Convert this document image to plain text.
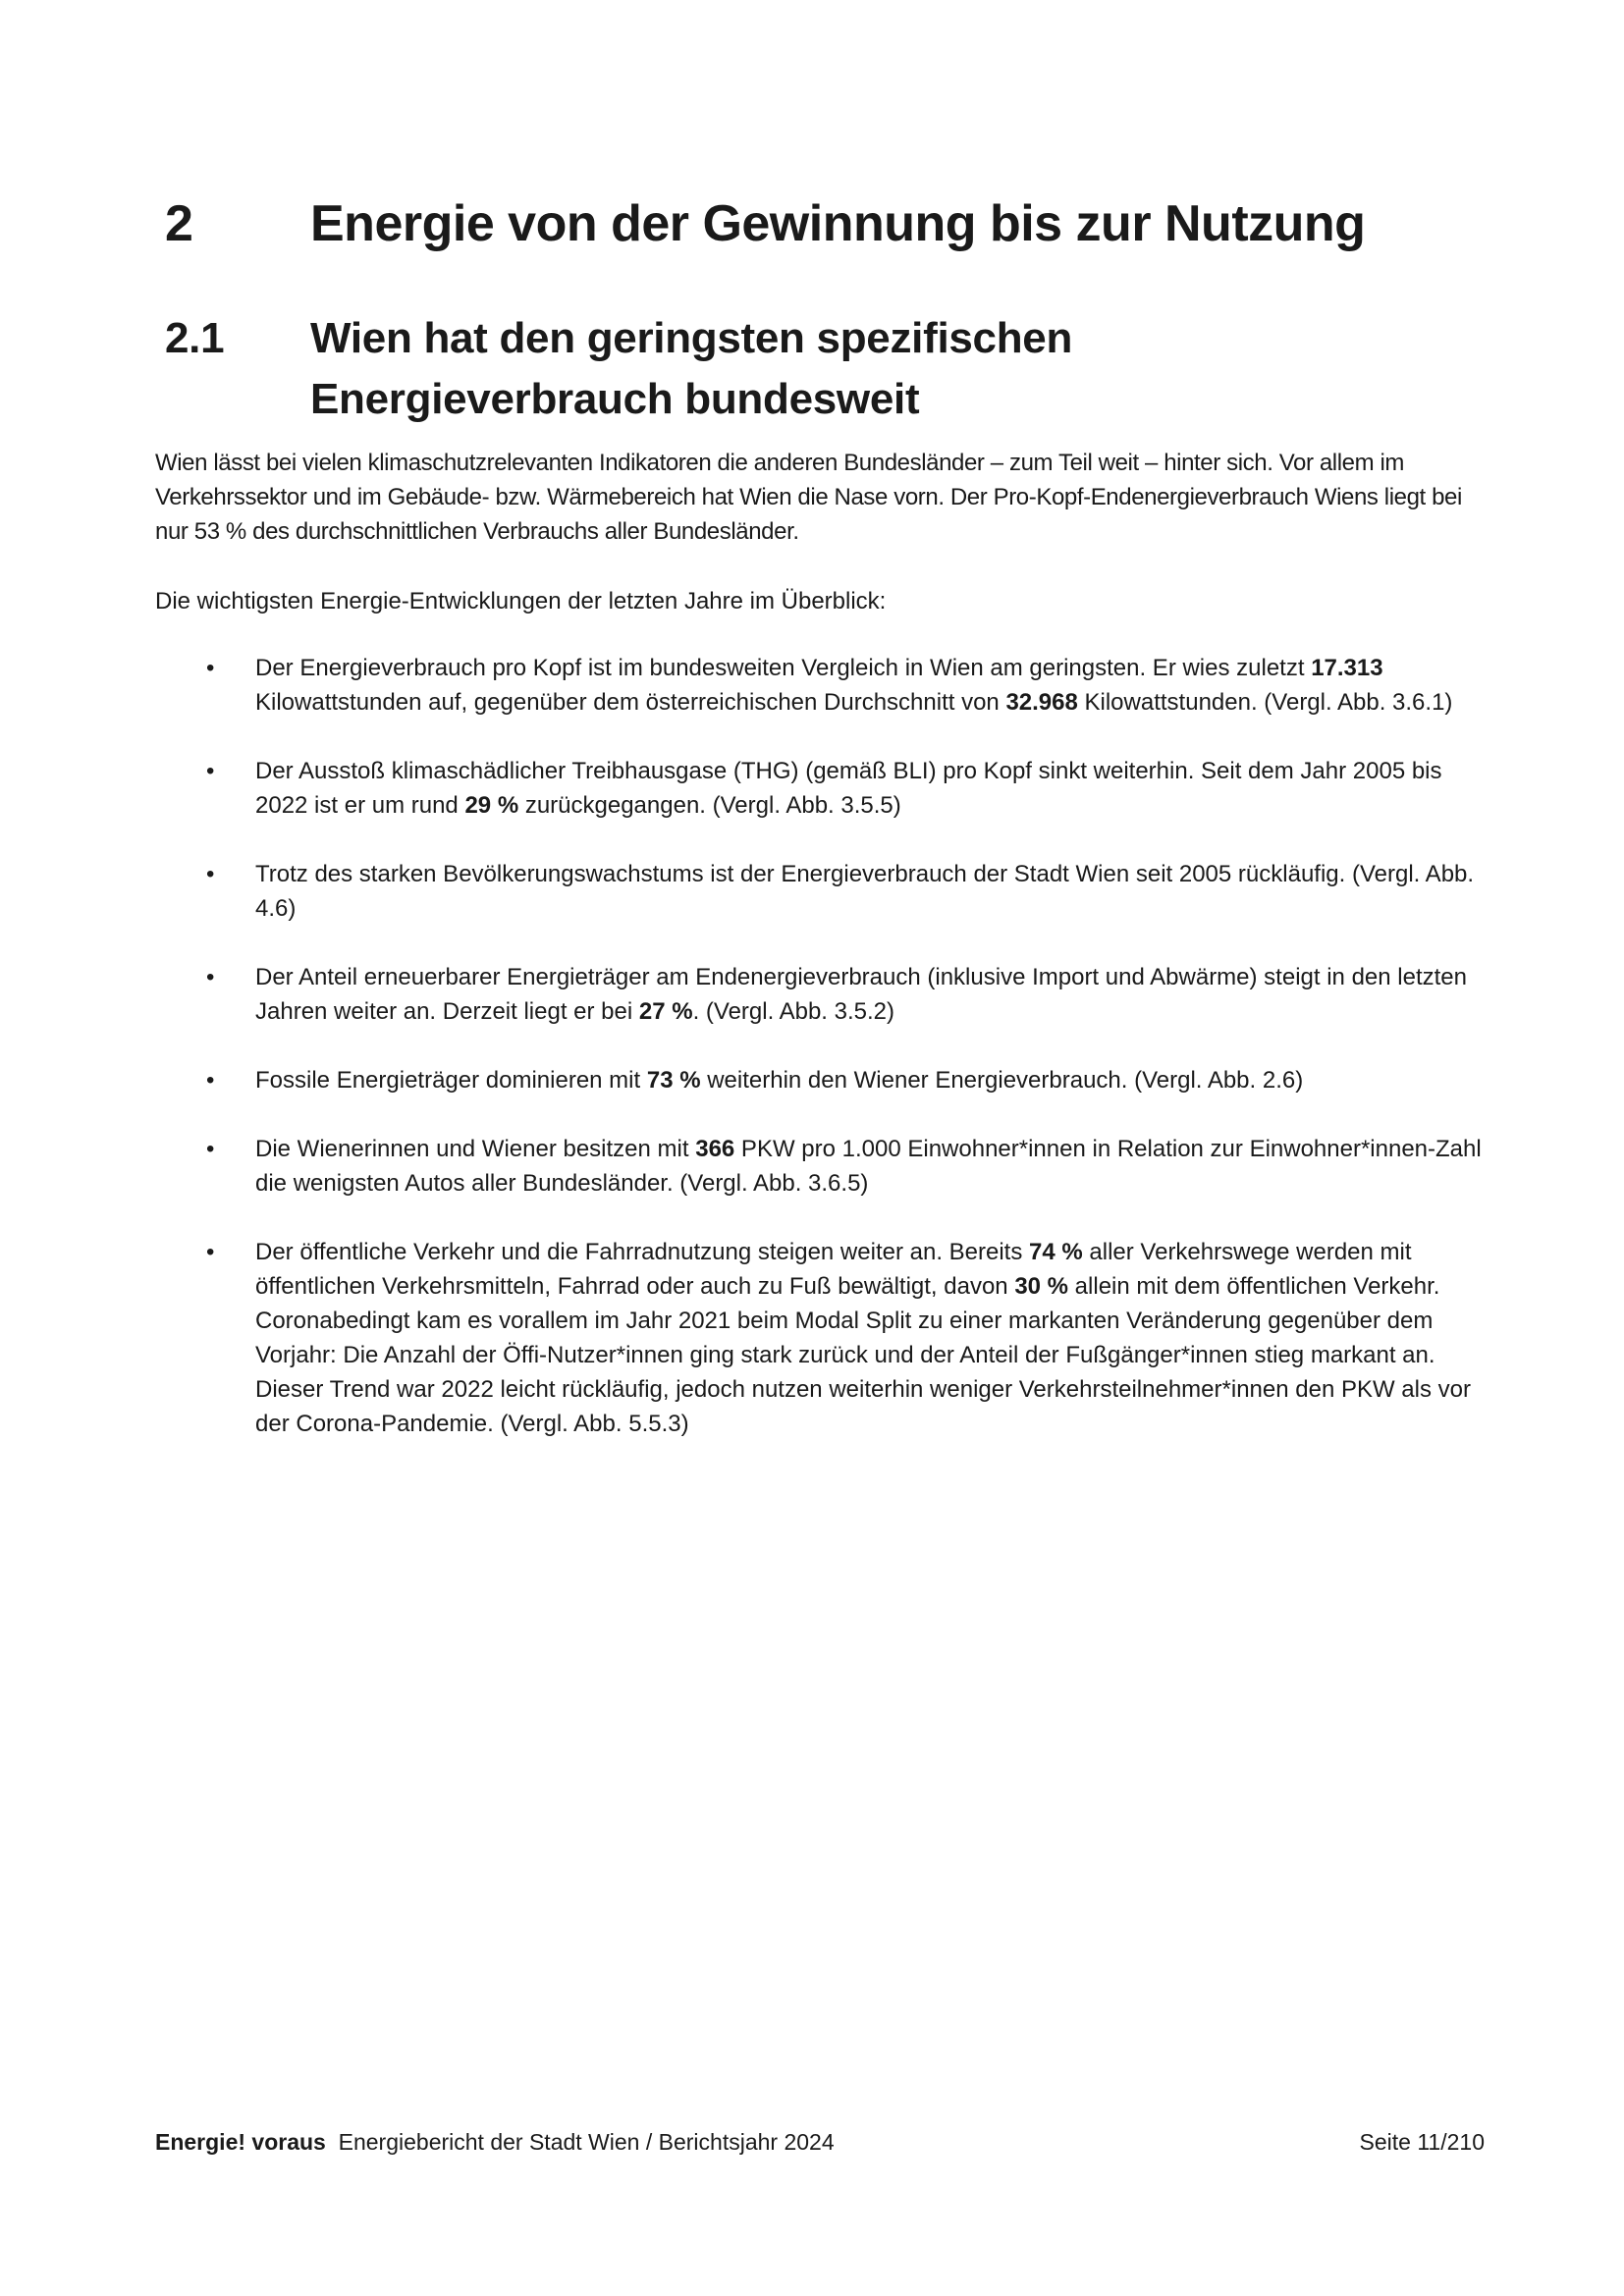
2 Energie von der Gewinnung bis zur Nutzung
2.1 Wien hat den geringsten spezifischen
Energieverbrauch bundesweit

Wien lässt bei vielen klimaschutzrelevanten Indikatoren die anderen Bundesländer – zum Teil weit – hinter sich. Vor allem im Verkehrssektor und im Gebäude- bzw. Wärmebereich hat Wien die Nase vorn. Der Pro-Kopf-Endenergieverbrauch Wiens liegt bei nur 53 % des durchschnittlichen Verbrauchs aller Bundesländer.

Die wichtigsten Energie-Entwicklungen der letzten Jahre im Überblick:

• Der Energieverbrauch pro Kopf ist im bundesweiten Vergleich in Wien am geringsten. Er wies zuletzt 17.313 Kilowattstunden auf, gegenüber dem österreichischen Durchschnitt von 32.968 Kilowattstunden. (Vergl. Abb. 3.6.1)
• Der Ausstoß klimaschädlicher Treibhausgase (THG) (gemäß BLI) pro Kopf sinkt weiterhin. Seit dem Jahr 2005 bis 2022 ist er um rund 29 % zurückgegangen. (Vergl. Abb. 3.5.5)
• Trotz des starken Bevölkerungswachstums ist der Energieverbrauch der Stadt Wien seit 2005 rückläufig. (Vergl. Abb. 4.6)
• Der Anteil erneuerbarer Energieträger am Endenergieverbrauch (inklusive Import und Abwärme) steigt in den letzten Jahren weiter an. Derzeit liegt er bei 27 %. (Vergl. Abb. 3.5.2)
• Fossile Energieträger dominieren mit 73 % weiterhin den Wiener Energieverbrauch. (Vergl. Abb. 2.6)
• Die Wienerinnen und Wiener besitzen mit 366 PKW pro 1.000 Einwohner*innen in Relation zur Einwohner*innen-Zahl die wenigsten Autos aller Bundesländer. (Vergl. Abb. 3.6.5)
• Der öffentliche Verkehr und die Fahrradnutzung steigen weiter an. Bereits 74 % aller Verkehrswege werden mit öffentlichen Verkehrsmitteln, Fahrrad oder auch zu Fuß bewältigt, davon 30 % allein mit dem öffentlichen Verkehr. Coronabedingt kam es vorallem im Jahr 2021 beim Modal Split zu einer markanten Veränderung gegenüber dem Vorjahr: Die Anzahl der Öffi-Nutzer*innen ging stark zurück und der Anteil der Fußgänger*innen stieg markant an. Dieser Trend war 2022 leicht rückläufig, jedoch nutzen weiterhin weniger Verkehrsteilnehmer*innen den PKW als vor der Corona-Pandemie. (Vergl. Abb. 5.5.3)
Energie! voraus Energiebericht der Stadt Wien / Berichtsjahr 2024	Seite 11/210
